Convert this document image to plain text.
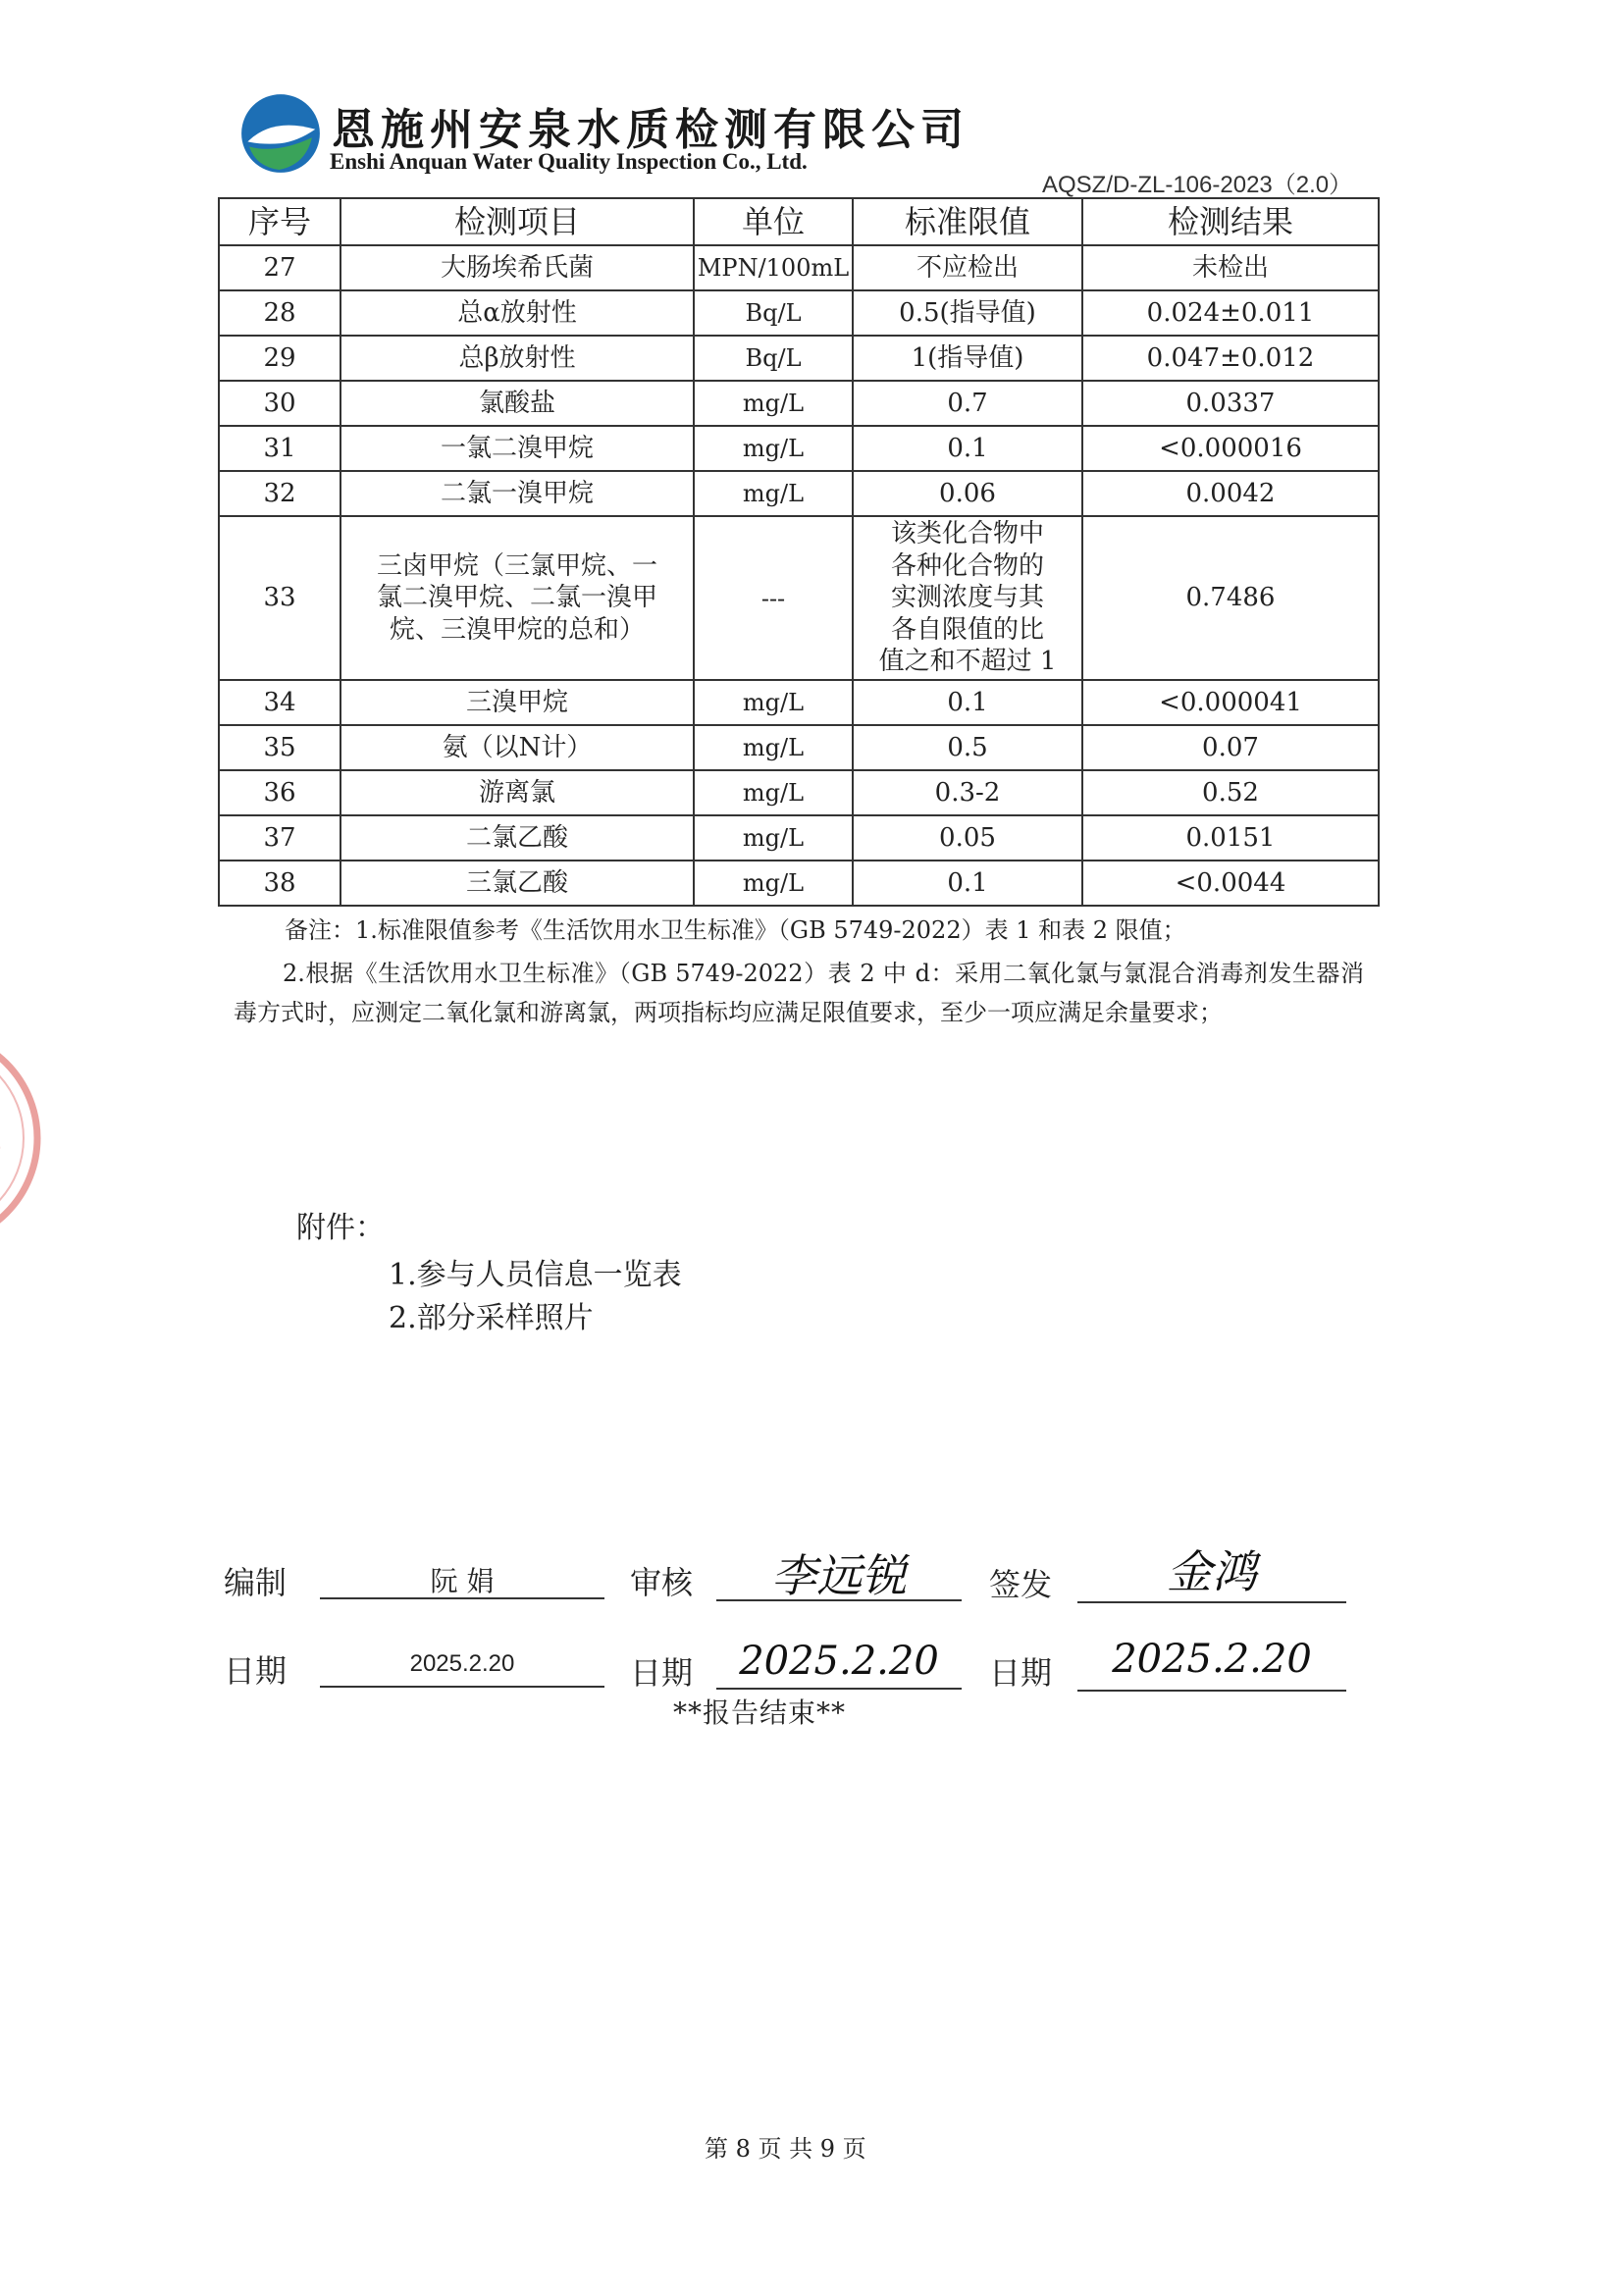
恩施州安泉水质检测有限公司
Enshi Anquan Water Quality Inspection Co., Ltd.
AQSZ/D-ZL-106-2023（2.0）
序号	检测项目	单位	标准限值	检测结果
27	大肠埃希氏菌	MPN/100mL	不应检出	未检出
28	总α放射性	Bq/L	0.5(指导值)	0.024±0.011
29	总β放射性	Bq/L	1(指导值)	0.047±0.012
30	氯酸盐	mg/L	0.7	0.0337
31	一氯二溴甲烷	mg/L	0.1	<0.000016
32	二氯一溴甲烷	mg/L	0.06	0.0042
33	三卤甲烷（三氯甲烷、一
氯二溴甲烷、二氯一溴甲
烷、三溴甲烷的总和）	---	该类化合物中
各种化合物的
实测浓度与其
各自限值的比
值之和不超过 1	0.7486
34	三溴甲烷	mg/L	0.1	<0.000041
35	氨（以N计）	mg/L	0.5	0.07
36	游离氯	mg/L	0.3-2	0.52
37	二氯乙酸	mg/L	0.05	0.0151
38	三氯乙酸	mg/L	0.1	<0.0044
备注：1.标准限值参考《生活饮用水卫生标准》（GB 5749-2022）表 1 和表 2 限值；
2.根据《生活饮用水卫生标准》（GB 5749-2022）表 2 中 d：采用二氧化氯与氯混合消毒剂发生器消毒方式时，应测定二氧化氯和游离氯，两项指标均应满足限值要求，至少一项应满足余量要求；
附件：
1.参与人员信息一览表
2.部分采样照片
编制	阮 娟	审核	李远锐	签发	金鸿
日期	2025.2.20	日期	2025.2.20	日期	2025.2.20
**报告结束**
第 8 页 共 9 页
